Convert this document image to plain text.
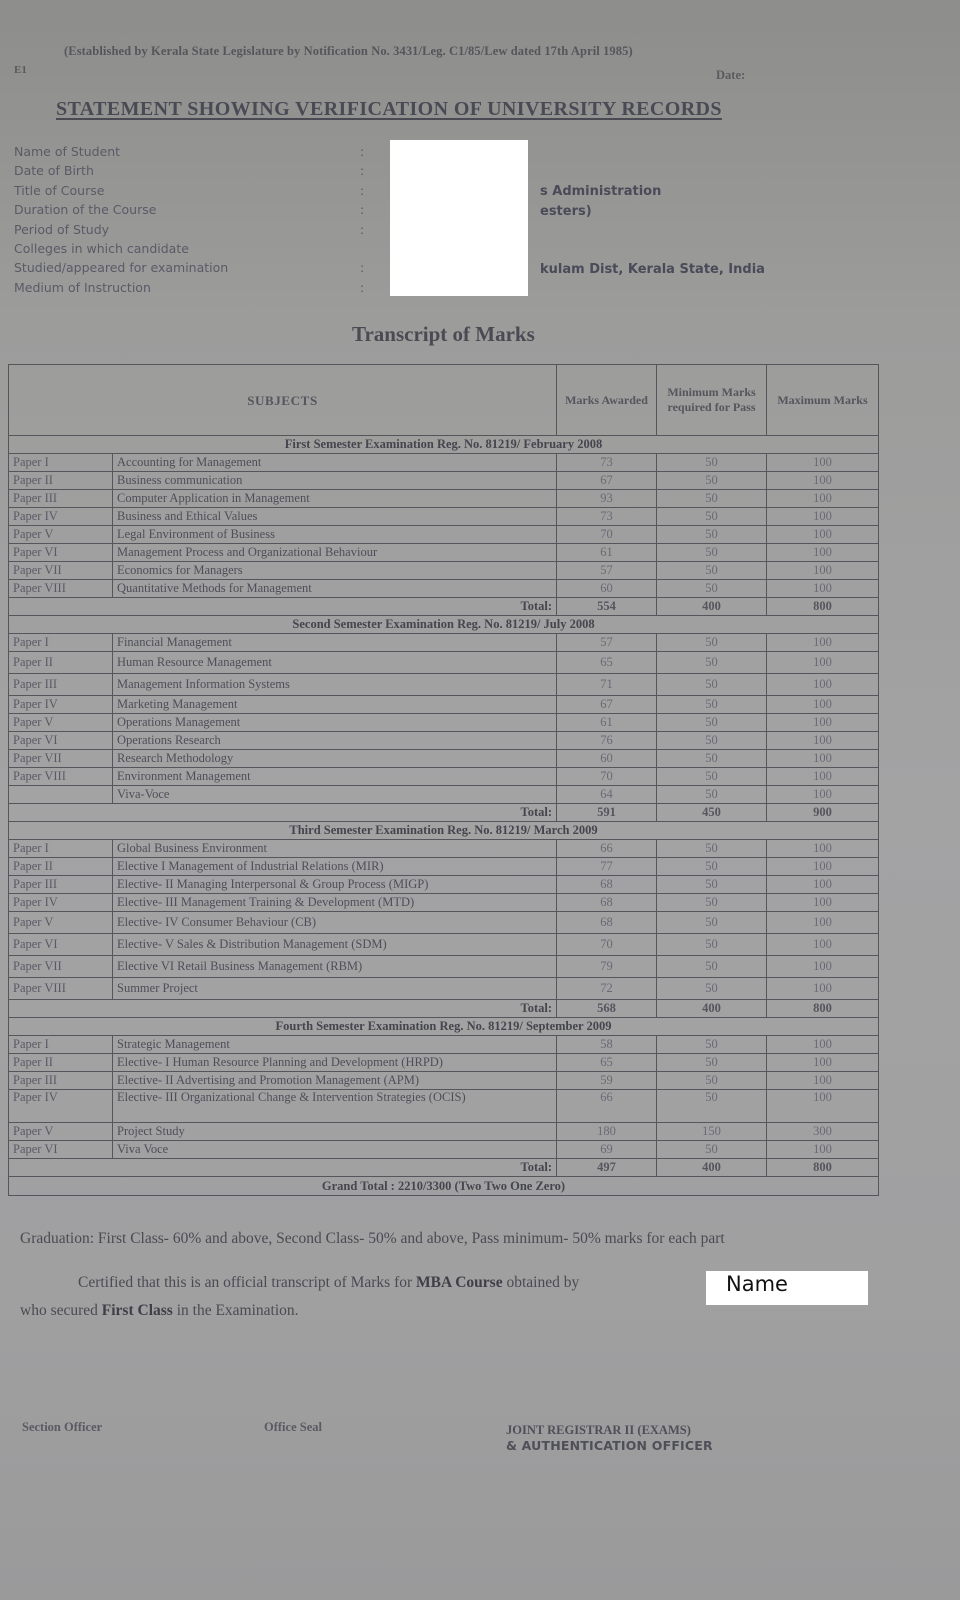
(Established by Kerala State Legislature by Notification No. 3431/Leg. C1/85/Lew dated 17th April 1985)
E1	Date:
STATEMENT SHOWING VERIFICATION OF UNIVERSITY RECORDS
Name of Student	:
Date of Birth	:
Title of Course	:
Duration of the Course	:
Period of Study	:
Colleges in which candidate
Studied/appeared for examination	:
Medium of Instruction	:
s Administration
esters)
kulam Dist, Kerala State, India
Transcript of Marks
SUBJECTS		Marks Awarded	Minimum Marks required for Pass	Maximum Marks
First Semester Examination Reg. No. 81219/ February 2008				
Paper I	Accounting for Management	73	50	100
Paper II	Business communication	67	50	100
Paper III	Computer Application in Management	93	50	100
Paper IV	Business and Ethical Values	73	50	100
Paper V	Legal Environment of Business	70	50	100
Paper VI	Management Process and Organizational Behaviour	61	50	100
Paper VII	Economics for Managers	57	50	100
Paper VIII	Quantitative Methods for Management	60	50	100
Total:		554	400	800
Second Semester Examination Reg. No. 81219/ July 2008				
Paper I	Financial Management	57	50	100
Paper II	Human Resource Management	65	50	100
Paper III	Management Information Systems	71	50	100
Paper IV	Marketing Management	67	50	100
Paper V	Operations Management	61	50	100
Paper VI	Operations Research	76	50	100
Paper VII	Research Methodology	60	50	100
Paper VIII	Environment Management	70	50	100
	Viva-Voce	64	50	100
Total:		591	450	900
Third Semester Examination Reg. No. 81219/ March 2009				
Paper I	Global Business Environment	66	50	100
Paper II	Elective I Management of Industrial Relations (MIR)	77	50	100
Paper III	Elective- II Managing Interpersonal & Group Process (MIGP)	68	50	100
Paper IV	Elective- III Management Training & Development (MTD)	68	50	100
Paper V	Elective- IV Consumer Behaviour (CB)	68	50	100
Paper VI	Elective- V Sales & Distribution Management (SDM)	70	50	100
Paper VII	Elective VI Retail Business Management (RBM)	79	50	100
Paper VIII	Summer Project	72	50	100
Total:		568	400	800
Fourth Semester Examination Reg. No. 81219/ September 2009				
Paper I	Strategic Management	58	50	100
Paper II	Elective- I Human Resource Planning and Development (HRPD)	65	50	100
Paper III	Elective- II Advertising and Promotion Management (APM)	59	50	100
Paper IV	Elective- III Organizational Change & Intervention Strategies (OCIS)	66	50	100
Paper V	Project Study	180	150	300
Paper VI	Viva Voce	69	50	100
Total:		497	400	800
Grand Total : 2210/3300 (Two Two One Zero)				
Graduation: First Class- 60% and above, Second Class- 50% and above, Pass minimum- 50% marks for each part
Certified that this is an official transcript of Marks for MBA Course obtained by	Name
who secured First Class in the Examination.
Section Officer	Office Seal	JOINT REGISTRAR II (EXAMS)
& AUTHENTICATION OFFICER
